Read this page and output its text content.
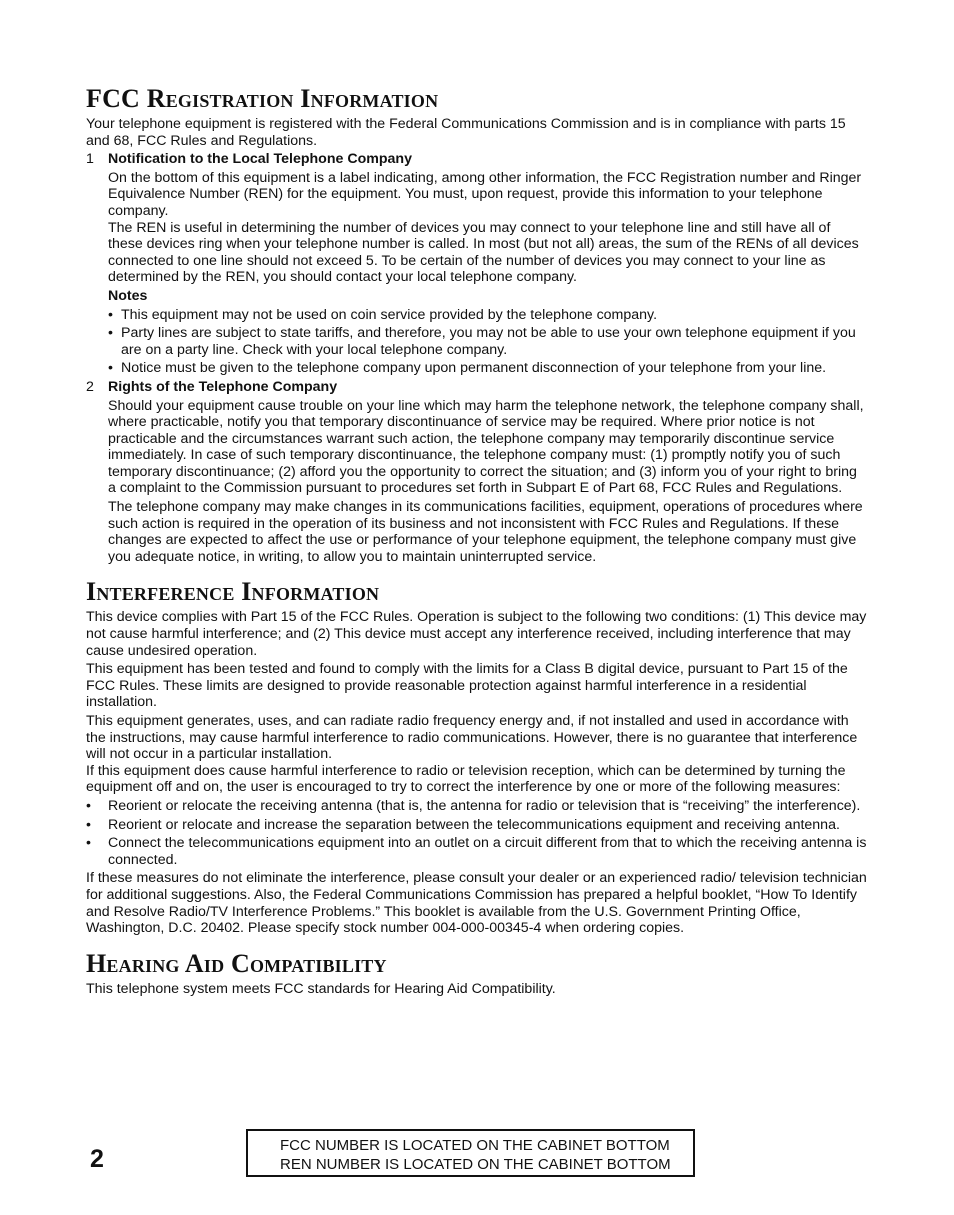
FCC Registration Information

Your telephone equipment is registered with the Federal Communications Commission and is in compliance with parts 15 and 68, FCC Rules and Regulations.

1 Notification to the Local Telephone Company

On the bottom of this equipment is a label indicating, among other information, the FCC Registration number and Ringer Equivalence Number (REN) for the equipment. You must, upon request, provide this information to your telephone company.

The REN is useful in determining the number of devices you may connect to your telephone line and still have all of these devices ring when your telephone number is called. In most (but not all) areas, the sum of the RENs of all devices connected to one line should not exceed 5. To be certain of the number of devices you may connect to your line as determined by the REN, you should contact your local telephone company.

Notes
• This equipment may not be used on coin service provided by the telephone company.
• Party lines are subject to state tariffs, and therefore, you may not be able to use your own telephone equipment if you are on a party line. Check with your local telephone company.
• Notice must be given to the telephone company upon permanent disconnection of your telephone from your line.
2 Rights of the Telephone Company

Should your equipment cause trouble on your line which may harm the telephone network, the telephone company shall, where practicable, notify you that temporary discontinuance of service may be required. Where prior notice is not practicable and the circumstances warrant such action, the telephone company may temporarily discontinue service immediately. In case of such temporary discontinuance, the telephone company must: (1) promptly notify you of such temporary discontinuance; (2) afford you the opportunity to correct the situation; and (3) inform you of your right to bring a complaint to the Commission pursuant to procedures set forth in Subpart E of Part 68, FCC Rules and Regulations.

The telephone company may make changes in its communications facilities, equipment, operations of procedures where such action is required in the operation of its business and not inconsistent with FCC Rules and Regulations. If these changes are expected to affect the use or performance of your telephone equipment, the telephone company must give you adequate notice, in writing, to allow you to maintain uninterrupted service.

Interference Information

This device complies with Part 15 of the FCC Rules. Operation is subject to the following two conditions: (1) This device may not cause harmful interference; and (2) This device must accept any interference received, including interference that may cause undesired operation.

This equipment has been tested and found to comply with the limits for a Class B digital device, pursuant to Part 15 of the FCC Rules. These limits are designed to provide reasonable protection against harmful interference in a residential installation.

This equipment generates, uses, and can radiate radio frequency energy and, if not installed and used in accordance with the instructions, may cause harmful interference to radio communications. However, there is no guarantee that interference will not occur in a particular installation.

If this equipment does cause harmful interference to radio or television reception, which can be determined by turning the equipment off and on, the user is encouraged to try to correct the interference by one or more of the following measures:

• Reorient or relocate the receiving antenna (that is, the antenna for radio or television that is “receiving” the interference).
• Reorient or relocate and increase the separation between the telecommunications equipment and receiving antenna.
• Connect the telecommunications equipment into an outlet on a circuit different from that to which the receiving antenna is connected.

If these measures do not eliminate the interference, please consult your dealer or an experienced radio/ television technician for additional suggestions. Also, the Federal Communications Commission has prepared a helpful booklet, “How To Identify and Resolve Radio/TV Interference Problems.” This booklet is available from the U.S. Government Printing Office, Washington, D.C. 20402. Please specify stock number 004-000-00345-4 when ordering copies.

Hearing Aid Compatibility

This telephone system meets FCC standards for Hearing Aid Compatibility.

2	FCC NUMBER IS LOCATED ON THE CABINET BOTTOM

REN NUMBER IS LOCATED ON THE CABINET BOTTOM
